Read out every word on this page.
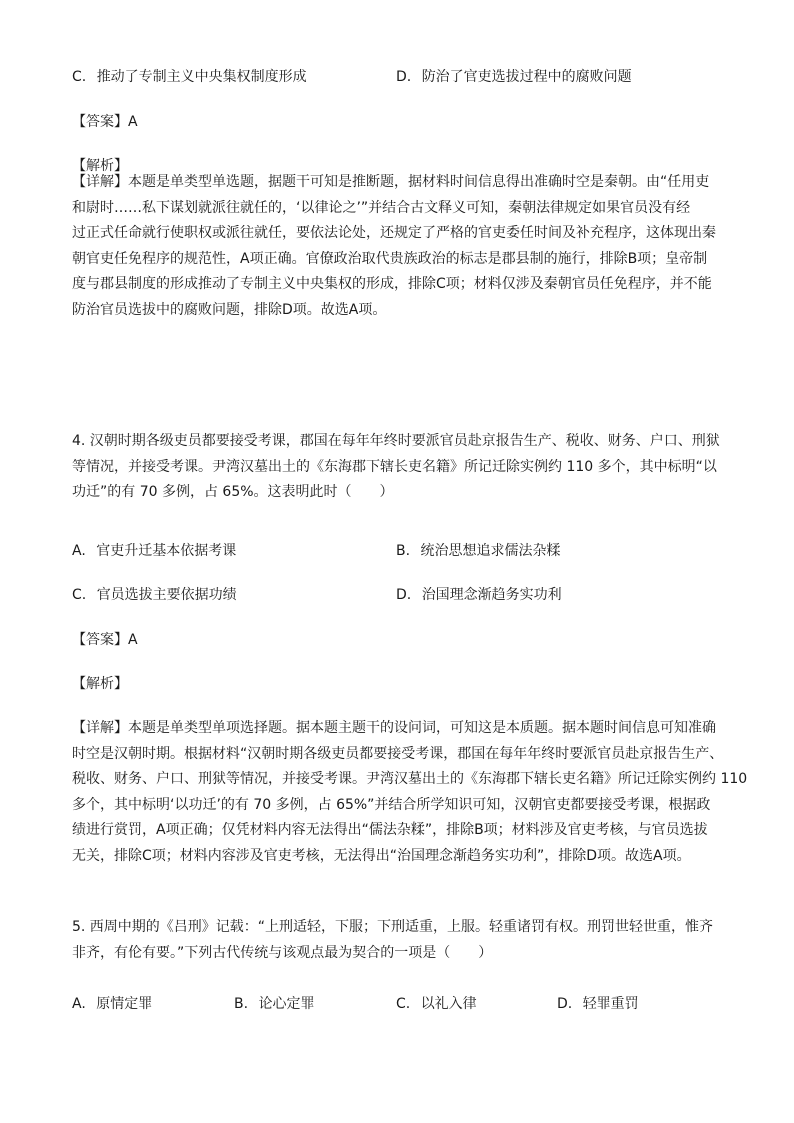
C. 推动了专制主义中央集权制度形成	D. 防治了官吏选拔过程中的腐败问题
【答案】A
【解析】
【详解】本题是单类型单选题，据题干可知是推断题，据材料时间信息得出准确时空是秦朝。由“任用吏
和尉时……私下谋划就派往就任的，‘以律论之’”并结合古文释义可知，秦朝法律规定如果官员没有经
过正式任命就行使职权或派往就任，要依法论处，还规定了严格的官吏委任时间及补充程序，这体现出秦
朝官吏任免程序的规范性，A项正确。官僚政治取代贵族政治的标志是郡县制的施行，排除B项；皇帝制
度与郡县制度的形成推动了专制主义中央集权的形成，排除C项；材料仅涉及秦朝官员任免程序，并不能
防治官员选拔中的腐败问题，排除D项。故选A项。
4. 汉朝时期各级吏员都要接受考课，郡国在每年年终时要派官员赴京报告生产、税收、财务、户口、刑狱
等情况，并接受考课。尹湾汉墓出土的《东海郡下辖长吏名籍》所记迁除实例约 110 多个，其中标明“以
功迁”的有 70 多例，占 65%。这表明此时（　　）
A. 官吏升迁基本依据考课	B. 统治思想追求儒法杂糅
C. 官员选拔主要依据功绩	D. 治国理念渐趋务实功利
【答案】A
【解析】
【详解】本题是单类型单项选择题。据本题主题干的设问词，可知这是本质题。据本题时间信息可知准确
时空是汉朝时期。根据材料“汉朝时期各级吏员都要接受考课，郡国在每年年终时要派官员赴京报告生产、
税收、财务、户口、刑狱等情况，并接受考课。尹湾汉墓出土的《东海郡下辖长吏名籍》所记迁除实例约 110
多个，其中标明‘以功迁’的有 70 多例，占 65%”并结合所学知识可知，汉朝官吏都要接受考课，根据政
绩进行赏罚，A项正确；仅凭材料内容无法得出“儒法杂糅”，排除B项；材料涉及官吏考核，与官员选拔
无关，排除C项；材料内容涉及官吏考核，无法得出“治国理念渐趋务实功利”，排除D项。故选A项。
5. 西周中期的《吕刑》记载：“上刑适轻，下服；下刑适重，上服。轻重诸罚有权。刑罚世轻世重，惟齐
非齐，有伦有要。”下列古代传统与该观点最为契合的一项是（　　）
A. 原情定罪	B. 论心定罪	C. 以礼入律	D. 轻罪重罚
